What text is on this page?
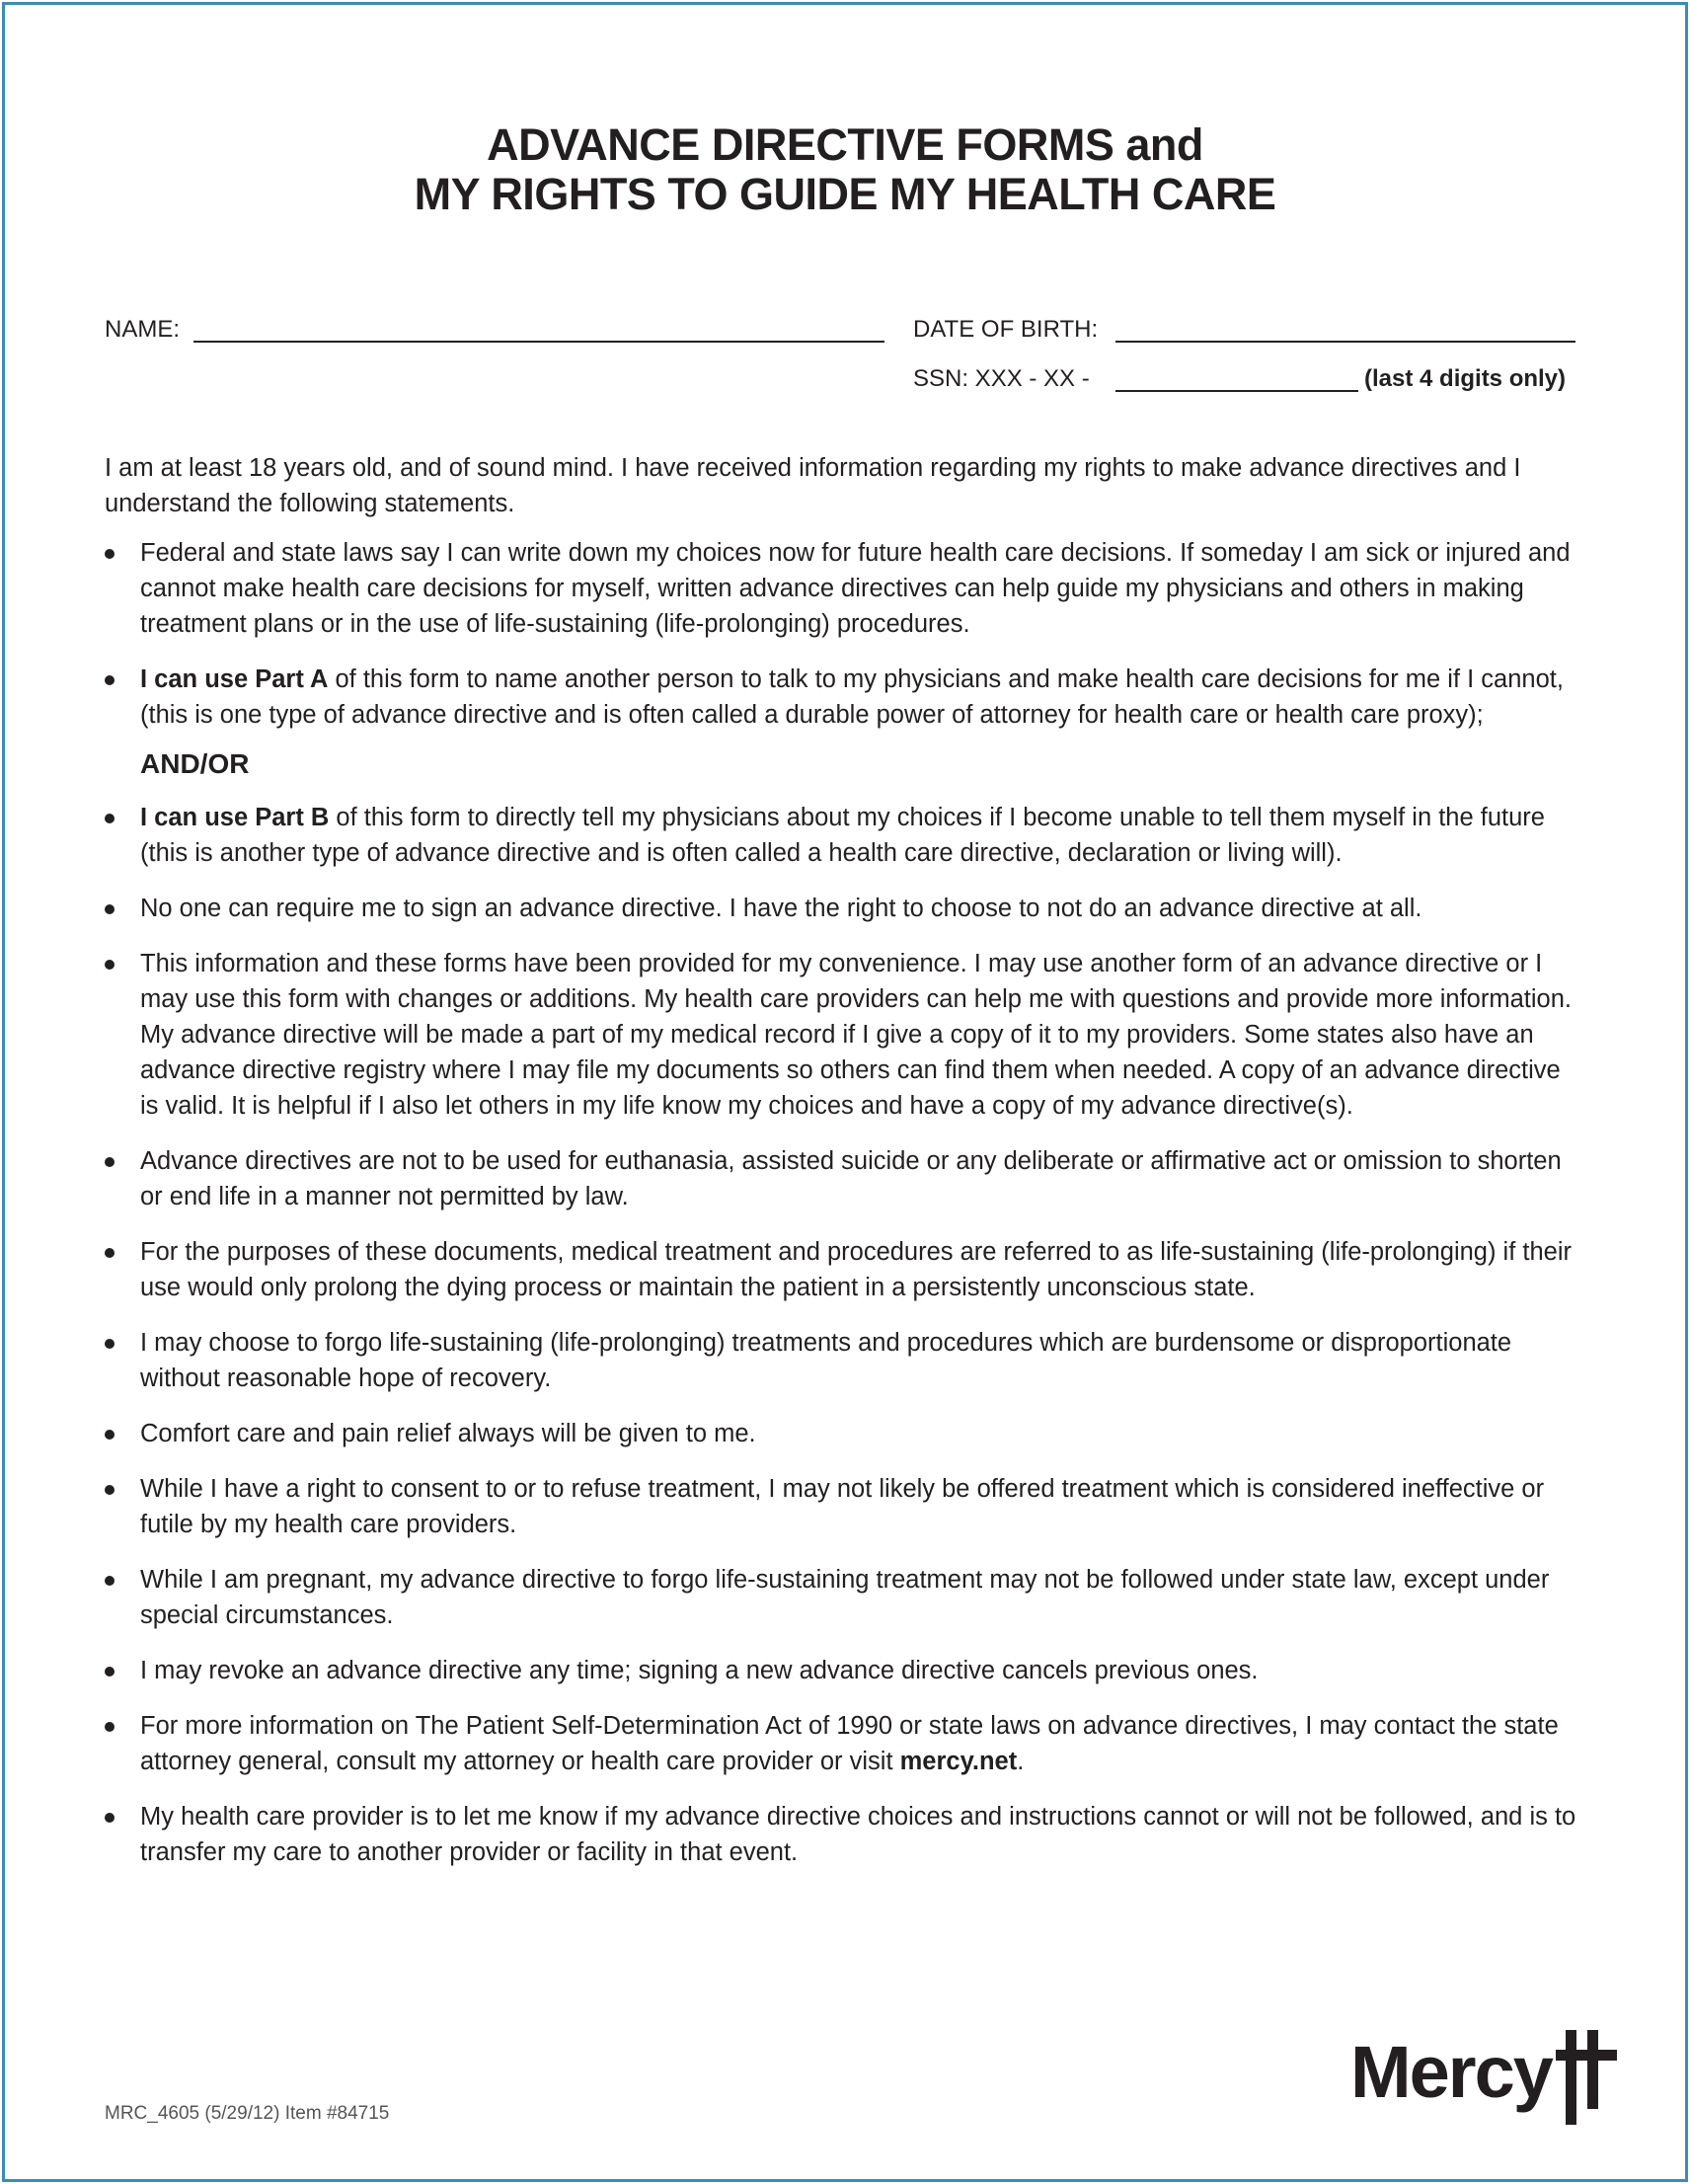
ADVANCE DIRECTIVE FORMS and
MY RIGHTS TO GUIDE MY HEALTH CARE
NAME:	DATE OF BIRTH:
SSN: XXX - XX -	(last 4 digits only)

I am at least 18 years old, and of sound mind. I have received information regarding my rights to make advance directives and I understand the following statements.

Federal and state laws say I can write down my choices now for future health care decisions. If someday I am sick or injured and cannot make health care decisions for myself, written advance directives can help guide my physicians and others in making treatment plans or in the use of life-sustaining (life-prolonging) procedures.
I can use Part A of this form to name another person to talk to my physicians and make health care decisions for me if I cannot, (this is one type of advance directive and is often called a durable power of attorney for health care or health care proxy);
AND/OR
I can use Part B of this form to directly tell my physicians about my choices if I become unable to tell them myself in the future (this is another type of advance directive and is often called a health care directive, declaration or living will).
No one can require me to sign an advance directive. I have the right to choose to not do an advance directive at all.
This information and these forms have been provided for my convenience. I may use another form of an advance directive or I may use this form with changes or additions. My health care providers can help me with questions and provide more information. My advance directive will be made a part of my medical record if I give a copy of it to my providers. Some states also have an advance directive registry where I may file my documents so others can find them when needed. A copy of an advance directive is valid. It is helpful if I also let others in my life know my choices and have a copy of my advance directive(s).
Advance directives are not to be used for euthanasia, assisted suicide or any deliberate or affirmative act or omission to shorten or end life in a manner not permitted by law.
For the purposes of these documents, medical treatment and procedures are referred to as life-sustaining (life-prolonging) if their use would only prolong the dying process or maintain the patient in a persistently unconscious state.
I may choose to forgo life-sustaining (life-prolonging) treatments and procedures which are burdensome or disproportionate without reasonable hope of recovery.
Comfort care and pain relief always will be given to me.
While I have a right to consent to or to refuse treatment, I may not likely be offered treatment which is considered ineffective or futile by my health care providers.
While I am pregnant, my advance directive to forgo life-sustaining treatment may not be followed under state law, except under special circumstances.
I may revoke an advance directive any time; signing a new advance directive cancels previous ones.
For more information on The Patient Self-Determination Act of 1990 or state laws on advance directives, I may contact the state attorney general, consult my attorney or health care provider or visit mercy.net.
My health care provider is to let me know if my advance directive choices and instructions cannot or will not be followed, and is to transfer my care to another provider or facility in that event.
MRC_4605 (5/29/12) Item #84715
Mercy
